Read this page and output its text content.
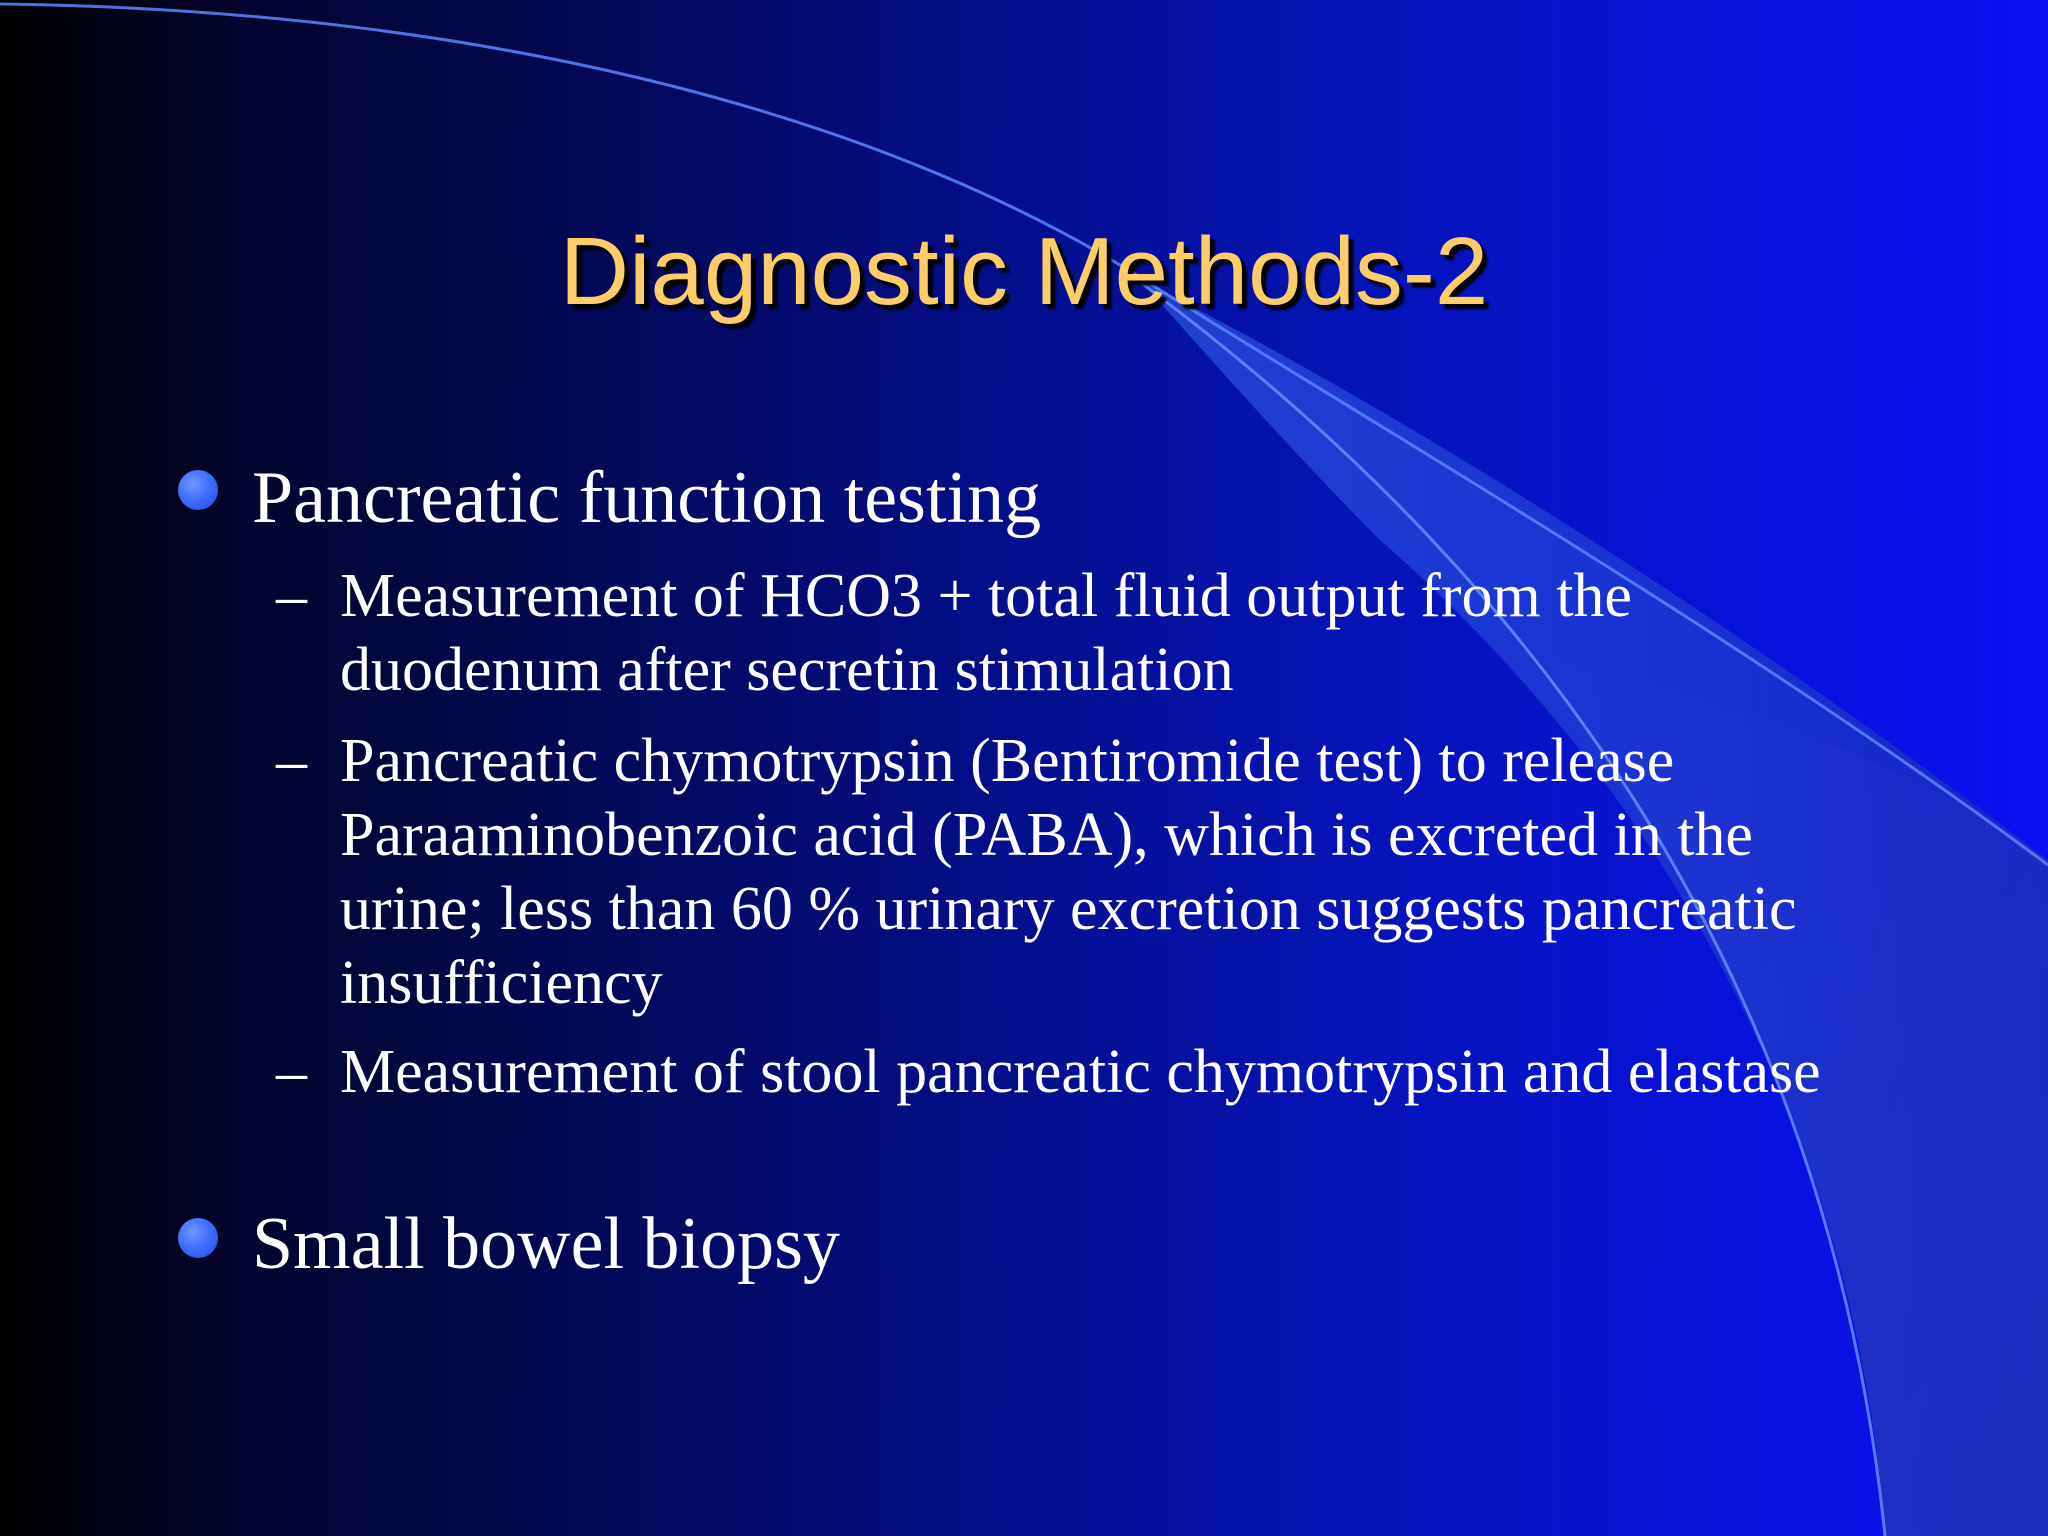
Diagnostic Methods-2
Pancreatic function testing
– Measurement of HCO3 + total fluid output from the duodenum after secretin stimulation
– Pancreatic chymotrypsin (Bentiromide test) to release Paraaminobenzoic acid (PABA), which is excreted in the urine; less than 60 % urinary excretion suggests pancreatic insufficiency
– Measurement of stool pancreatic chymotrypsin and elastase
Small bowel biopsy
